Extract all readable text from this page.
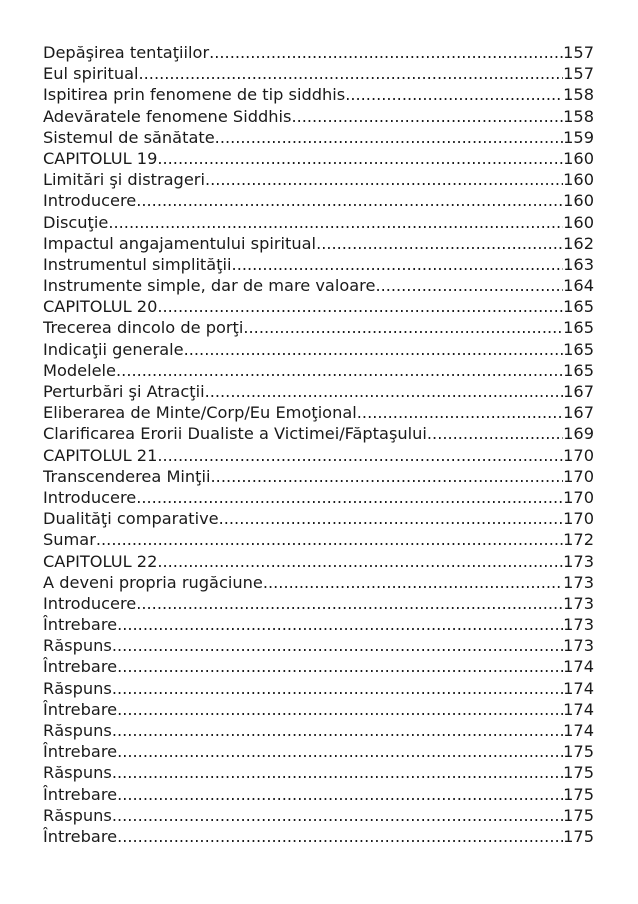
Depăşirea tentaţiilor .....	157
Eul spiritual .....	157
Ispitirea prin fenomene de tip siddhis .....	158
Adevăratele fenomene Siddhis .....	158
Sistemul de sănătate .....	159
CAPITOLUL 19 .....	160
Limitări şi distrageri .....	160
Introducere .....	160
Discuţie .....	160
Impactul angajamentului spiritual .....	162
Instrumentul simplităţii .....	163
Instrumente simple, dar de mare valoare .....	164
CAPITOLUL 20 .....	165
Trecerea dincolo de porţi .....	165
Indicaţii generale .....	165
Modelele .....	165
Perturbări şi Atracţii .....	167
Eliberarea de Minte/Corp/Eu Emoţional .....	167
Clarificarea Erorii Dualiste a Victimei/Făptaşului .....	169
CAPITOLUL 21 .....	170
Transcenderea Minţii .....	170
Introducere .....	170
Dualităţi comparative .....	170
Sumar .....	172
CAPITOLUL 22 .....	173
A deveni propria rugăciune .....	173
Introducere .....	173
Întrebare .....	173
Răspuns .....	173
Întrebare .....	174
Răspuns .....	174
Întrebare .....	174
Răspuns .....	174
Întrebare .....	175
Răspuns .....	175
Întrebare .....	175
Răspuns .....	175
Întrebare .....	175
